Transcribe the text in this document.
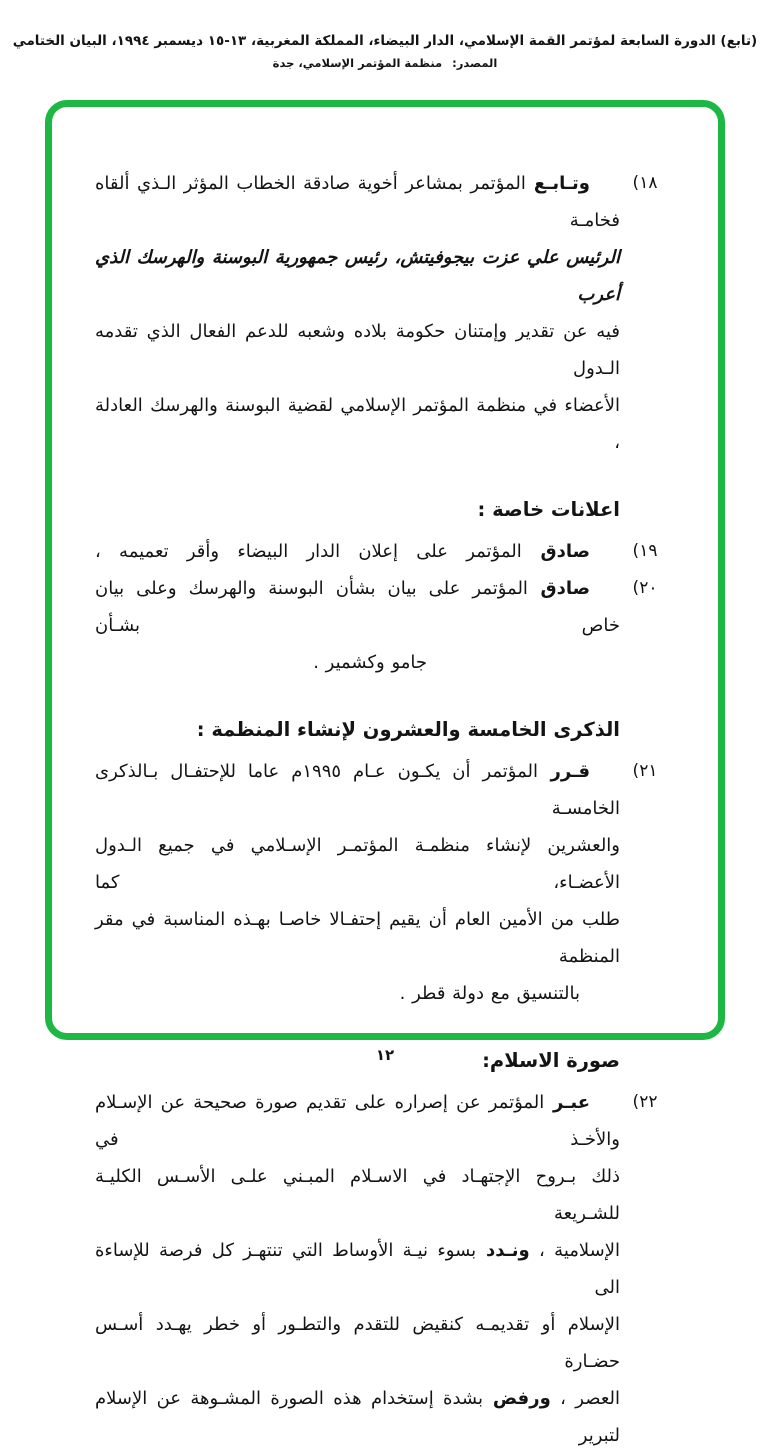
(تابع) الدورة السابعة لمؤتمر القمة الإسلامي، الدار البيضاء، المملكة المغربية، ⁦١٣-١٥⁩ ديسمبر ١٩٩٤، البيان الختامي
المصدر:منظمة المؤتمر الإسلامي، جدة
١٨)
وتـابـع المؤتمر بمشاعر أخوية صادقة الخطاب المؤثر الـذي ألقاه فخامـة
الرئيس علي عزت بيجوفيتش، رئيس جمهورية البوسنة والهرسك الذي أعرب
فيه عن تقدير وإمتنان حكومة بلاده وشعبه للدعم الفعال الذي تقدمه الـدول
الأعضاء في منظمة المؤتمر الإسلامي لقضية البوسنة والهرسك العادلة ،
اعلانات خاصة :
١٩)
صادق المؤتمر على إعلان الدار البيضاء وأقر تعميمه ،
٢٠)
صادق المؤتمر على بيان بشأن البوسنة والهرسك وعلى بيان خاص بشـأن
جامو وكشمير .
الذكرى الخامسة والعشرون لإنشاء المنظمة :
٢١)
قـرر المؤتمر أن يكـون عـام ١٩٩٥م عاما للإحتفـال بـالذكرى الخامسـة
والعشرين لإنشاء منظمـة المؤتمـر الإسـلامي في جميع الـدول الأعضـاء، كما
طلب من الأمين العام أن يقيم إحتفـالا خاصـا بهـذه المناسبة في مقر المنظمة
بالتنسيق مع دولة قطر .
صورة الاسلام:
٢٢)
عبـر المؤتمر عن إصراره على تقديم صورة صحيحة عن الإسـلام والأخـذ في
ذلك بـروح الإجتهـاد في الاسـلام المبـني علـى الأسـس الكليـة للشـريعة
الإسلامية ، ونـدد بسوء نيـة الأوساط التي تنتهـز كل فرصة للإساءة الى
الإسلام أو تقديمـه كنقيض للتقدم والتطـور أو خطر يهـدد أسـس حضـارة
العصر ، ورفض بشدة إستخدام هذه الصورة المشـوهة عن الإسلام لتبرير
١٢
